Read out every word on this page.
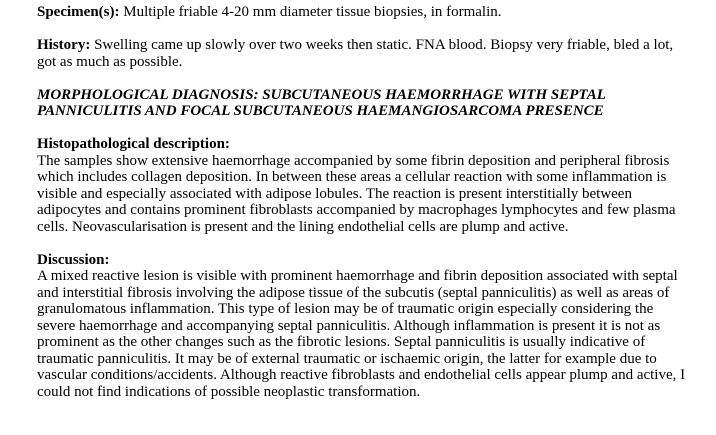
Specimen(s): Multiple friable 4-20 mm diameter tissue biopsies, in formalin.

History: Swelling came up slowly over two weeks then static. FNA blood. Biopsy very friable, bled a lot, got as much as possible.

MORPHOLOGICAL DIAGNOSIS: SUBCUTANEOUS HAEMORRHAGE WITH SEPTAL PANNICULITIS AND FOCAL SUBCUTANEOUS HAEMANGIOSARCOMA PRESENCE

Histopathological description:

The samples show extensive haemorrhage accompanied by some fibrin deposition and peripheral fibrosis which includes collagen deposition. In between these areas a cellular reaction with some inflammation is visible and especially associated with adipose lobules. The reaction is present interstitially between adipocytes and contains prominent fibroblasts accompanied by macrophages lymphocytes and few plasma cells. Neovascularisation is present and the lining endothelial cells are plump and active.

Discussion:

A mixed reactive lesion is visible with prominent haemorrhage and fibrin deposition associated with septal and interstitial fibrosis involving the adipose tissue of the subcutis (septal panniculitis) as well as areas of granulomatous inflammation. This type of lesion may be of traumatic origin especially considering the severe haemorrhage and accompanying septal panniculitis. Although inflammation is present it is not as prominent as the other changes such as the fibrotic lesions. Septal panniculitis is usually indicative of traumatic panniculitis. It may be of external traumatic or ischaemic origin, the latter for example due to vascular conditions/accidents. Although reactive fibroblasts and endothelial cells appear plump and active, I could not find indications of possible neoplastic transformation.
